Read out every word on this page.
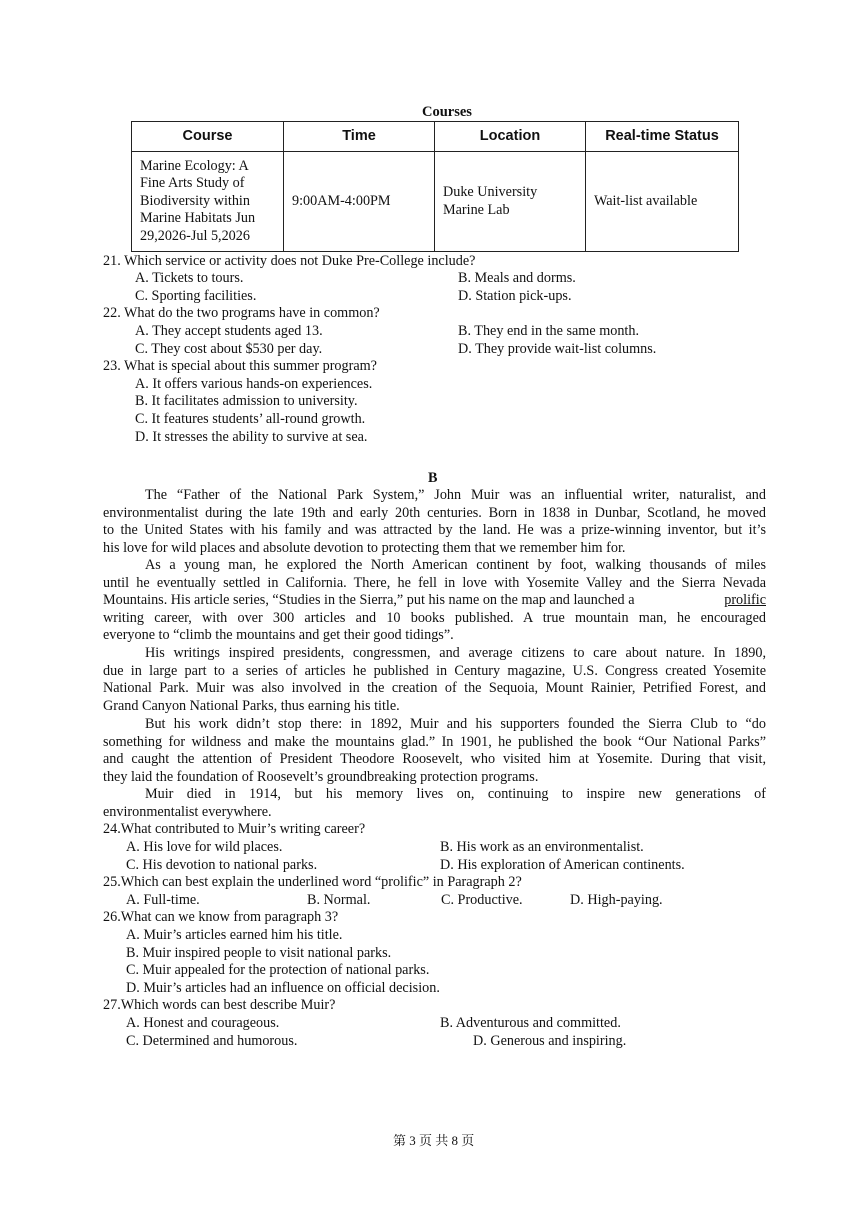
Courses
Course	Time	Location	Real-time Status
Marine Ecology: A Fine Arts Study of Biodiversity within Marine Habitats Jun 29,2026-Jul 5,2026	9:00AM-4:00PM	Duke University Marine Lab	Wait-list available
21. Which service or activity does not Duke Pre-College include?
A. Tickets to tours.	B. Meals and dorms.
C. Sporting facilities.	D. Station pick-ups.
22. What do the two programs have in common?
A. They accept students aged 13.	B. They end in the same month.
C. They cost about $530 per day.	D. They provide wait-list columns.
23. What is special about this summer program?
A. It offers various hands-on experiences.
B. It facilitates admission to university.
C. It features students’ all-round growth.
D. It stresses the ability to survive at sea.
B
The “Father of the National Park System,” John Muir was an influential writer, naturalist, and
environmentalist during the late 19th and early 20th centuries. Born in 1838 in Dunbar, Scotland, he moved
to the United States with his family and was attracted by the land. He was a prize-winning inventor, but it’s
his love for wild places and absolute devotion to protecting them that we remember him for.
As a young man, he explored the North American continent by foot, walking thousands of miles
until he eventually settled in California. There, he fell in love with Yosemite Valley and the Sierra Nevada
Mountains. His article series, “Studies in the Sierra,” put his name on the map and launched a	prolific
writing career, with over 300 articles and 10 books published. A true mountain man, he encouraged
everyone to “climb the mountains and get their good tidings”.
His writings inspired presidents, congressmen, and average citizens to care about nature. In 1890,
due in large part to a series of articles he published in Century magazine, U.S. Congress created Yosemite
National Park. Muir was also involved in the creation of the Sequoia, Mount Rainier, Petrified Forest, and
Grand Canyon National Parks, thus earning his title.
But his work didn’t stop there: in 1892, Muir and his supporters founded the Sierra Club to “do
something for wildness and make the mountains glad.” In 1901, he published the book “Our National Parks”
and caught the attention of President Theodore Roosevelt, who visited him at Yosemite. During that visit,
they laid the foundation of Roosevelt’s groundbreaking protection programs.
Muir died in 1914, but his memory lives on, continuing to inspire new generations of
environmentalist everywhere.
24.What contributed to Muir’s writing career?
A. His love for wild places.	B. His work as an environmentalist.
C. His devotion to national parks.	D. His exploration of American continents.
25.Which can best explain the underlined word “prolific” in Paragraph 2?
A. Full-time.	B. Normal.	C. Productive.	D. High-paying.
26.What can we know from paragraph 3?
A. Muir’s articles earned him his title.
B. Muir inspired people to visit national parks.
C. Muir appealed for the protection of national parks.
D. Muir’s articles had an influence on official decision.
27.Which words can best describe Muir?
A. Honest and courageous.	B. Adventurous and committed.
C. Determined and humorous.	D. Generous and inspiring.
第 3 页 共 8 页
